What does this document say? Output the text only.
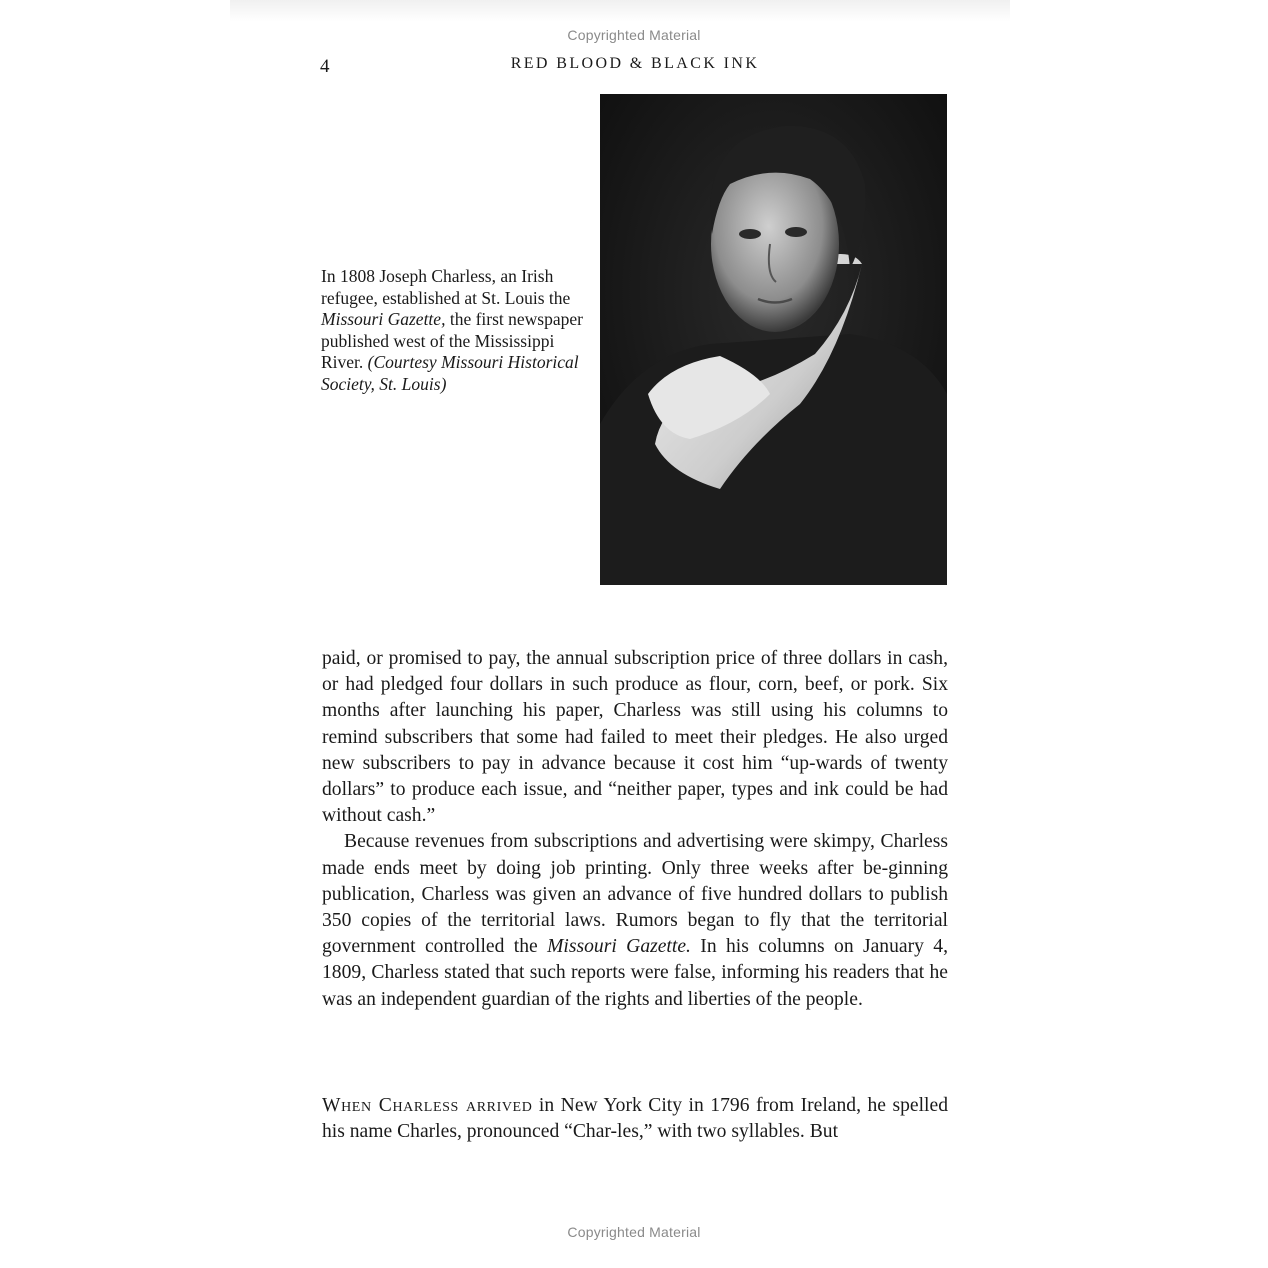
Copyrighted Material
4	RED BLOOD & BLACK INK
In 1808 Joseph Charless, an Irish refugee, established at St. Louis the Missouri Gazette, the first newspaper published west of the Mississippi River. (Courtesy Missouri Historical Society, St. Louis)

paid, or promised to pay, the annual subscription price of three dollars in cash, or had pledged four dollars in such produce as flour, corn, beef, or pork. Six months after launching his paper, Charless was still using his columns to remind subscribers that some had failed to meet their pledges. He also urged new subscribers to pay in advance because it cost him “up-wards of twenty dollars” to produce each issue, and “neither paper, types and ink could be had without cash.”

Because revenues from subscriptions and advertising were skimpy, Charless made ends meet by doing job printing. Only three weeks after be-ginning publication, Charless was given an advance of five hundred dollars to publish 350 copies of the territorial laws. Rumors began to fly that the territorial government controlled the Missouri Gazette. In his columns on January 4, 1809, Charless stated that such reports were false, informing his readers that he was an independent guardian of the rights and liberties of the people.

When Charless arrived in New York City in 1796 from Ireland, he spelled his name Charles, pronounced “Char-les,” with two syllables. But

Copyrighted Material
